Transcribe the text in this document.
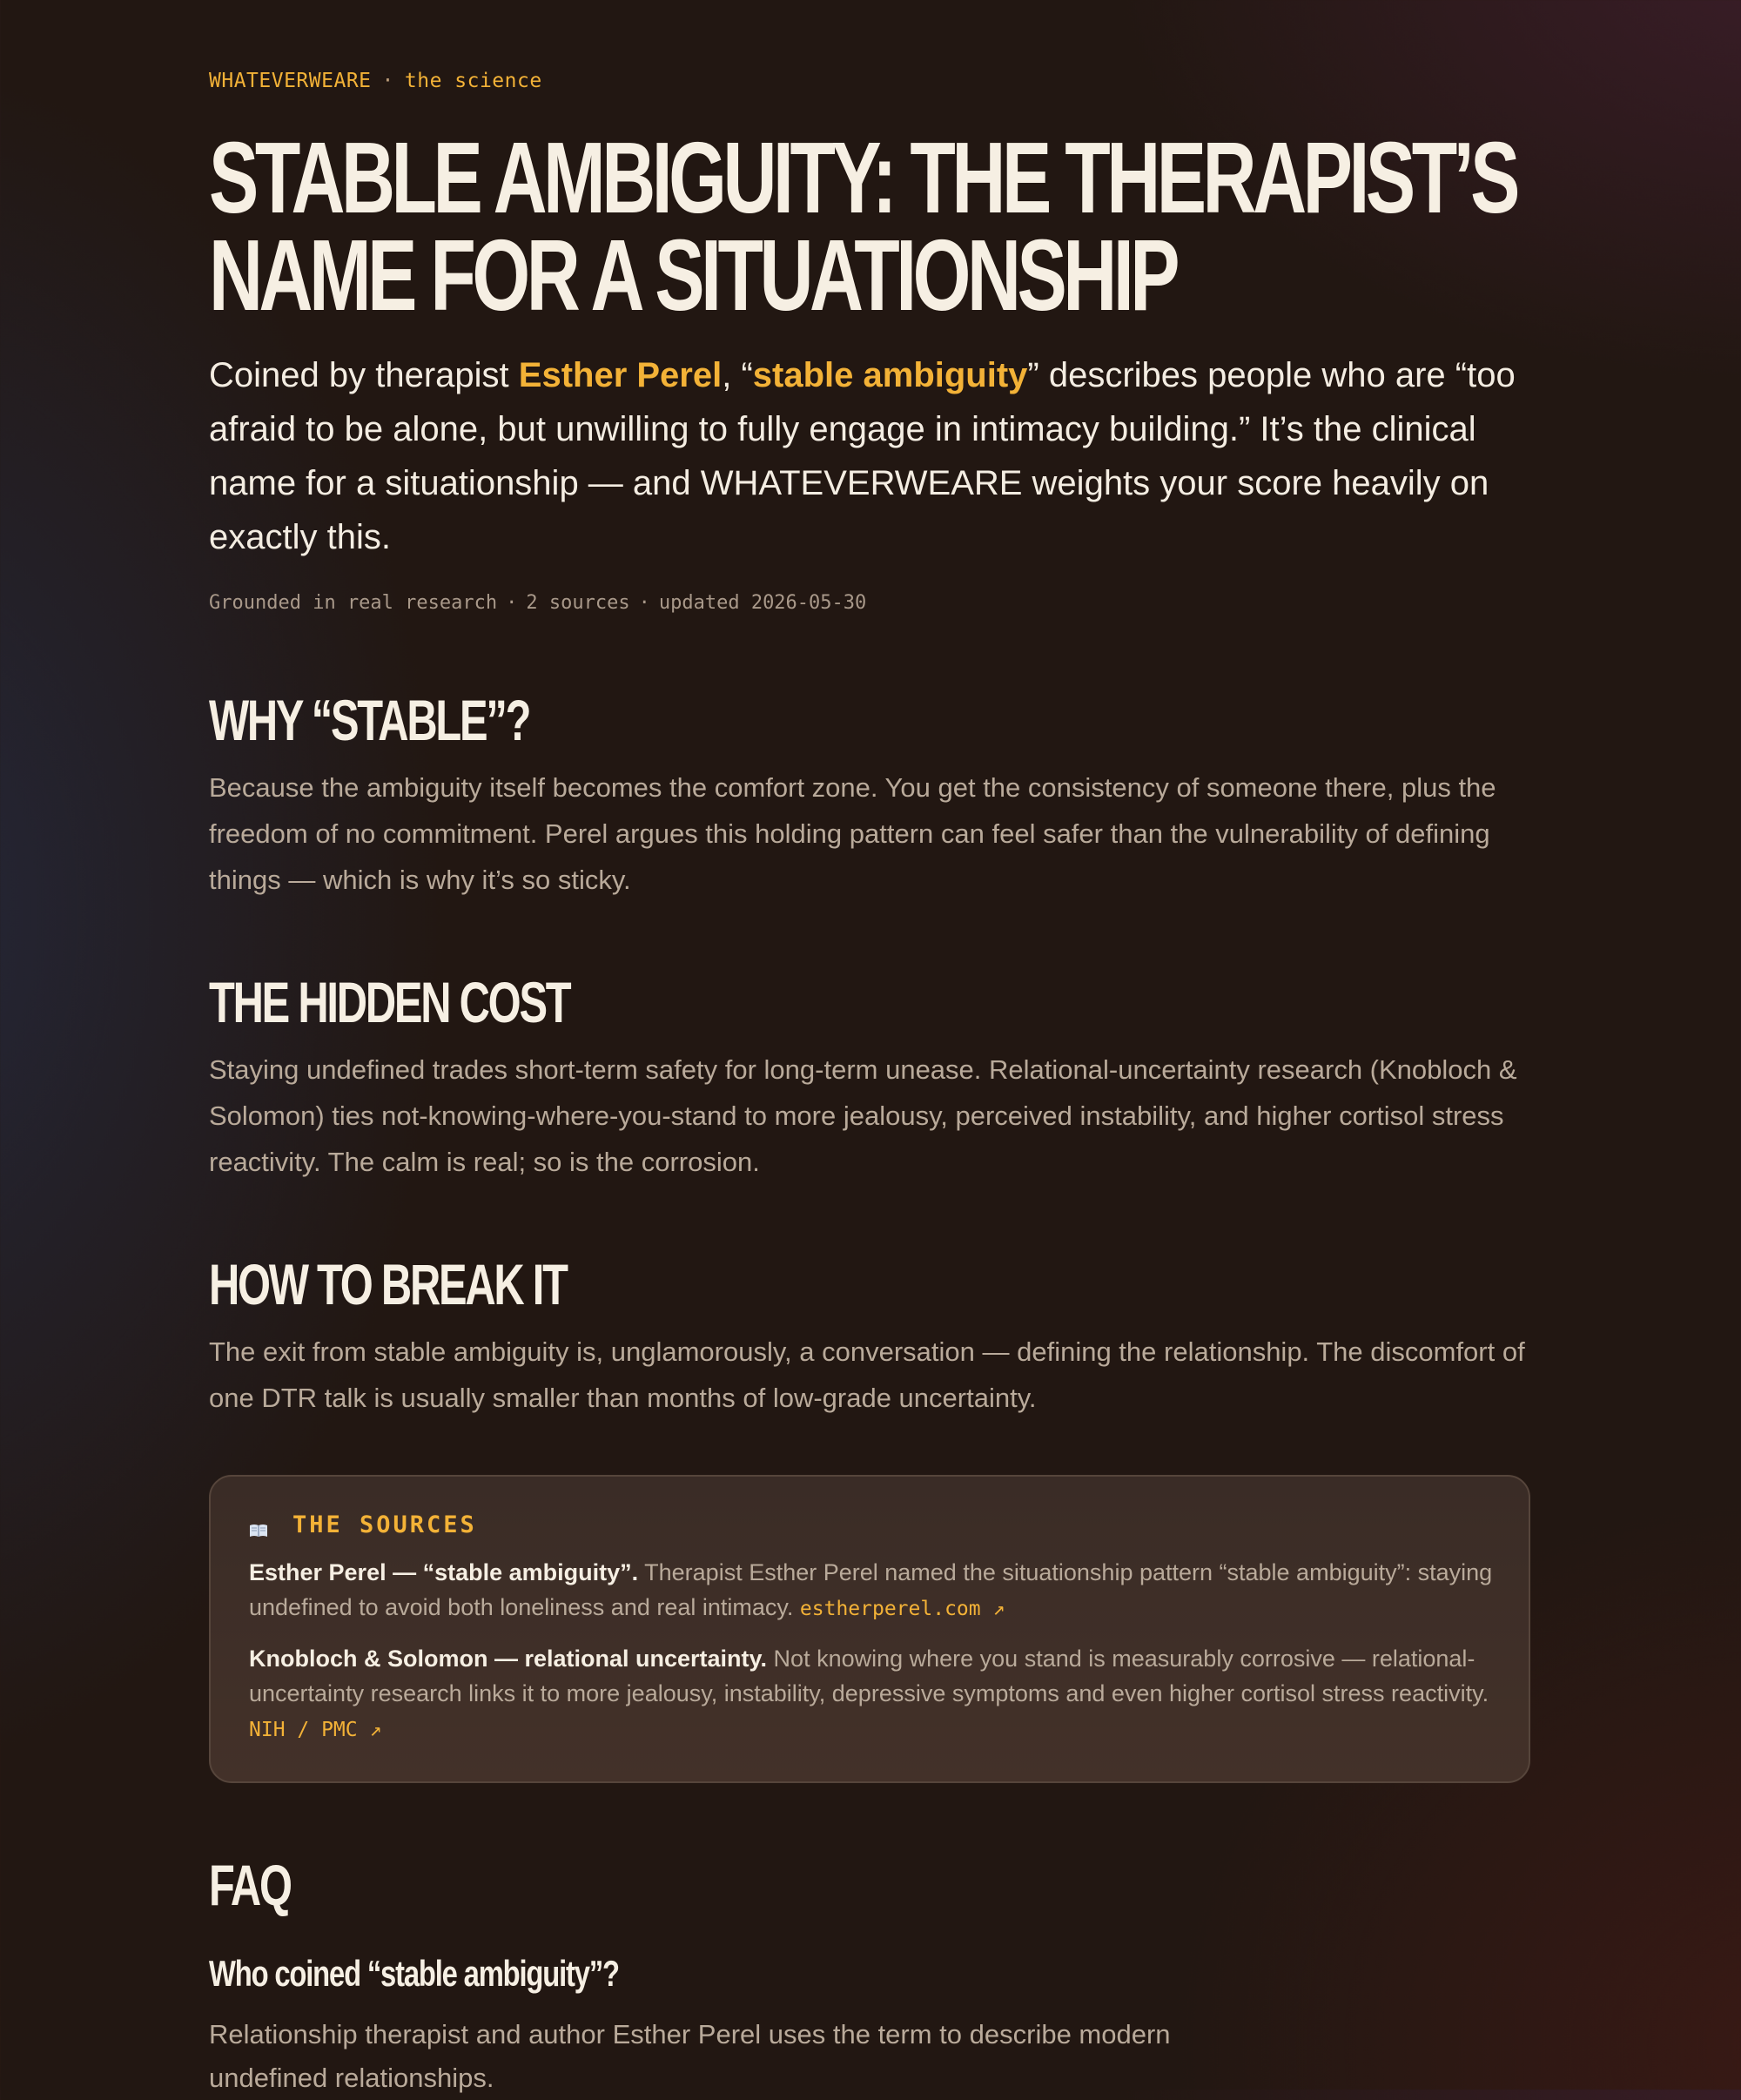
WHATEVERWEARE · the science
STABLE AMBIGUITY: THE THERAPIST’S
NAME FOR A SITUATIONSHIP

Coined by therapist Esther Perel, “stable ambiguity” describes people who are “too afraid to be alone, but unwilling to fully engage in intimacy building.” It’s the clinical name for a situationship — and WHATEVERWEARE weights your score heavily on exactly this.

Grounded in real research · 2 sources · updated 2026-05-30
WHY “STABLE”?

Because the ambiguity itself becomes the comfort zone. You get the consistency of someone there, plus the freedom of no commitment. Perel argues this holding pattern can feel safer than the vulnerability of defining things — which is why it’s so sticky.

THE HIDDEN COST

Staying undefined trades short-term safety for long-term unease. Relational-uncertainty research (Knobloch & Solomon) ties not-knowing-where-you-stand to more jealousy, perceived instability, and higher cortisol stress reactivity. The calm is real; so is the corrosion.

HOW TO BREAK IT

The exit from stable ambiguity is, unglamorously, a conversation — defining the relationship. The discomfort of one DTR talk is usually smaller than months of low-grade uncertainty.

THE SOURCES

Esther Perel — “stable ambiguity”. Therapist Esther Perel named the situationship pattern “stable ambiguity”: staying undefined to avoid both loneliness and real intimacy. estherperel.com ↗

Knobloch & Solomon — relational uncertainty. Not knowing where you stand is measurably corrosive — relational-uncertainty research links it to more jealousy, instability, depressive symptoms and even higher cortisol stress reactivity. NIH / PMC ↗

FAQ
Who coined “stable ambiguity”?

Relationship therapist and author Esther Perel uses the term to describe modern undefined relationships.
